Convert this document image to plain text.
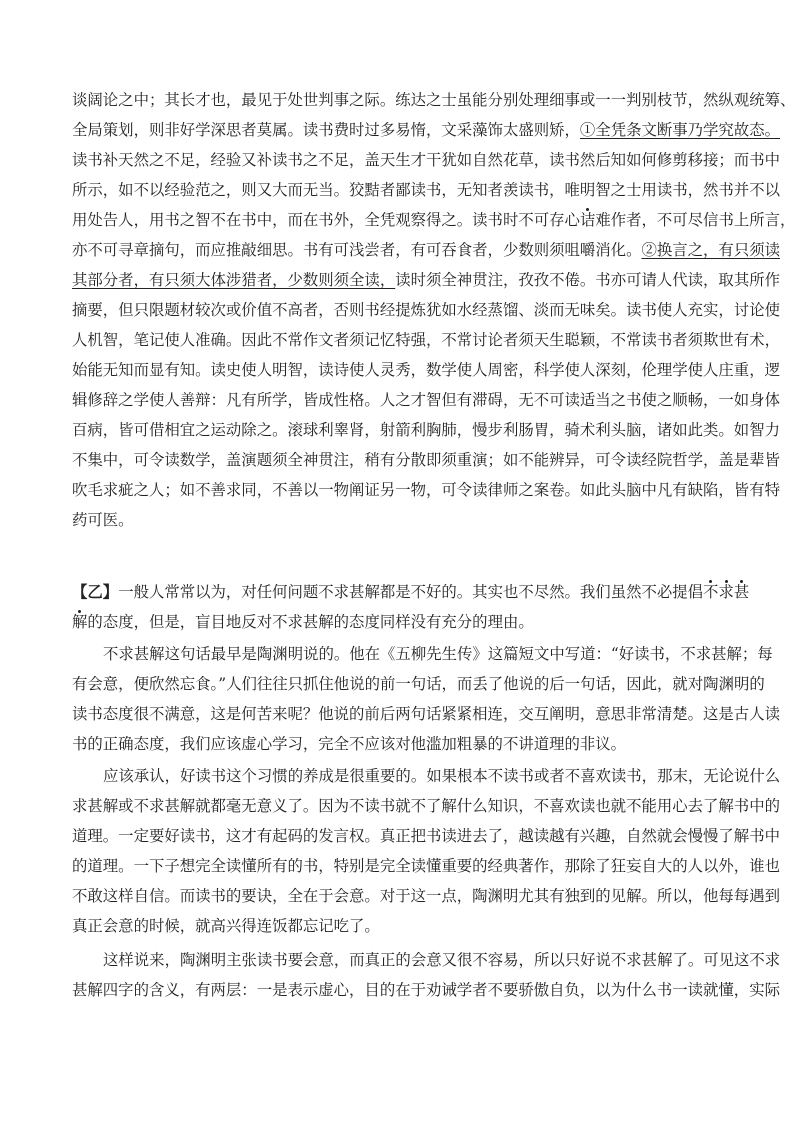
谈阔论之中；其长才也，最见于处世判事之际。练达之士虽能分别处理细事或一一判别枝节，然纵观统筹、
全局策划，则非好学深思者莫属。读书费时过多易惰，文采藻饰太盛则矫，①全凭条文断事乃学究故态。
读书补天然之不足，经验又补读书之不足，盖天生才干犹如自然花草，读书然后知如何修剪移接；而书中
所示，如不以经验范之，则又大而无当。狡黠者鄙读书，无知者羡读书，唯明智之士用读书，然书并不以
用处告人，用书之智不在书中，而在书外，全凭观察得之。读书时不可存心诘难作者，不可尽信书上所言，
亦不可寻章摘句，而应推敲细思。书有可浅尝者，有可吞食者，少数则须咀嚼消化。②换言之，有只须读
其部分者，有只须大体涉猎者，少数则须全读，读时须全神贯注，孜孜不倦。书亦可请人代读，取其所作
摘要，但只限题材较次或价值不高者，否则书经提炼犹如水经蒸馏、淡而无味矣。读书使人充实，讨论使
人机智，笔记使人准确。因此不常作文者须记忆特强，不常讨论者须天生聪颖，不常读书者须欺世有术，
始能无知而显有知。读史使人明智，读诗使人灵秀，数学使人周密，科学使人深刻，伦理学使人庄重，逻
辑修辞之学使人善辩：凡有所学，皆成性格。人之才智但有滞碍，无不可读适当之书使之顺畅，一如身体
百病，皆可借相宜之运动除之。滚球利睾肾，射箭利胸肺，慢步利肠胃，骑术利头脑，诸如此类。如智力
不集中，可令读数学，盖演题须全神贯注，稍有分散即须重演；如不能辨异，可令读经院哲学，盖是辈皆
吹毛求疵之人；如不善求同，不善以一物阐证另一物，可令读律师之案卷。如此头脑中凡有缺陷，皆有特
药可医。
【乙】一般人常常以为，对任何问题不求甚解都是不好的。其实也不尽然。我们虽然不必提倡不求甚
解的态度，但是，盲目地反对不求甚解的态度同样没有充分的理由。
不求甚解这句话最早是陶渊明说的。他在《五柳先生传》这篇短文中写道：“好读书，不求甚解；每
有会意，便欣然忘食。”人们往往只抓住他说的前一句话，而丢了他说的后一句话，因此，就对陶渊明的
读书态度很不满意，这是何苦来呢？他说的前后两句话紧紧相连，交互阐明，意思非常清楚。这是古人读
书的正确态度，我们应该虚心学习，完全不应该对他滥加粗暴的不讲道理的非议。
应该承认，好读书这个习惯的养成是很重要的。如果根本不读书或者不喜欢读书，那末，无论说什么
求甚解或不求甚解就都毫无意义了。因为不读书就不了解什么知识，不喜欢读也就不能用心去了解书中的
道理。一定要好读书，这才有起码的发言权。真正把书读进去了，越读越有兴趣，自然就会慢慢了解书中
的道理。一下子想完全读懂所有的书，特别是完全读懂重要的经典著作，那除了狂妄自大的人以外，谁也
不敢这样自信。而读书的要诀，全在于会意。对于这一点，陶渊明尤其有独到的见解。所以，他每每遇到
真正会意的时候，就高兴得连饭都忘记吃了。
这样说来，陶渊明主张读书要会意，而真正的会意又很不容易，所以只好说不求甚解了。可见这不求
甚解四字的含义，有两层：一是表示虚心，目的在于劝诫学者不要骄傲自负，以为什么书一读就懂，实际
